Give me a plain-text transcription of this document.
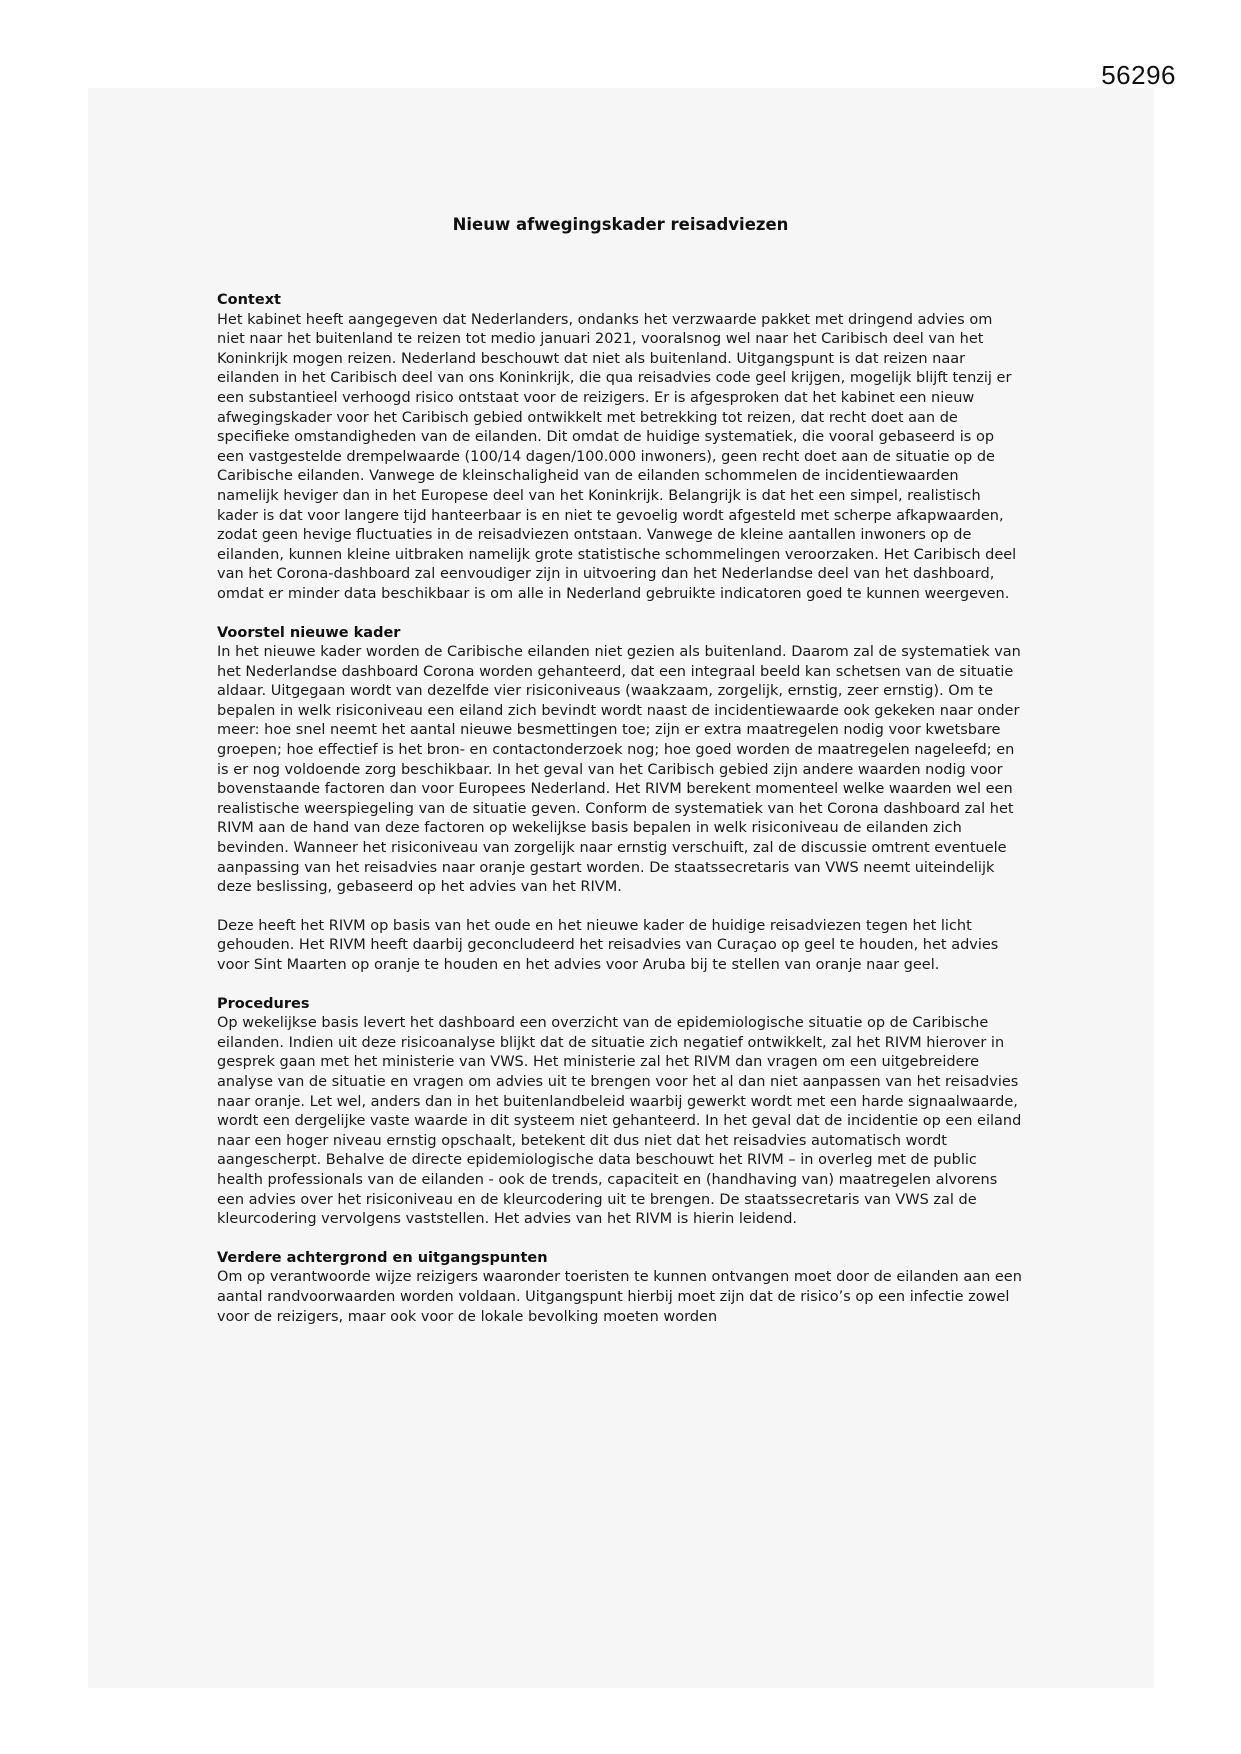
56296
Nieuw afwegingskader reisadviezen
Context

Het kabinet heeft aangegeven dat Nederlanders, ondanks het verzwaarde pakket met dringend advies om niet naar het buitenland te reizen tot medio januari 2021, vooralsnog wel naar het Caribisch deel van het Koninkrijk mogen reizen. Nederland beschouwt dat niet als buitenland. Uitgangspunt is dat reizen naar eilanden in het Caribisch deel van ons Koninkrijk, die qua reisadvies code geel krijgen, mogelijk blijft tenzij er een substantieel verhoogd risico ontstaat voor de reizigers. Er is afgesproken dat het kabinet een nieuw afwegingskader voor het Caribisch gebied ontwikkelt met betrekking tot reizen, dat recht doet aan de specifieke omstandigheden van de eilanden. Dit omdat de huidige systematiek, die vooral gebaseerd is op een vastgestelde drempelwaarde (100/14 dagen/100.000 inwoners), geen recht doet aan de situatie op de Caribische eilanden. Vanwege de kleinschaligheid van de eilanden schommelen de incidentiewaarden namelijk heviger dan in het Europese deel van het Koninkrijk. Belangrijk is dat het een simpel, realistisch kader is dat voor langere tijd hanteerbaar is en niet te gevoelig wordt afgesteld met scherpe afkapwaarden, zodat geen hevige fluctuaties in de reisadviezen ontstaan. Vanwege de kleine aantallen inwoners op de eilanden, kunnen kleine uitbraken namelijk grote statistische schommelingen veroorzaken. Het Caribisch deel van het Corona-dashboard zal eenvoudiger zijn in uitvoering dan het Nederlandse deel van het dashboard, omdat er minder data beschikbaar is om alle in Nederland gebruikte indicatoren goed te kunnen weergeven.

Voorstel nieuwe kader

In het nieuwe kader worden de Caribische eilanden niet gezien als buitenland. Daarom zal de systematiek van het Nederlandse dashboard Corona worden gehanteerd, dat een integraal beeld kan schetsen van de situatie aldaar. Uitgegaan wordt van dezelfde vier risiconiveaus (waakzaam, zorgelijk, ernstig, zeer ernstig). Om te bepalen in welk risiconiveau een eiland zich bevindt wordt naast de incidentiewaarde ook gekeken naar onder meer: hoe snel neemt het aantal nieuwe besmettingen toe; zijn er extra maatregelen nodig voor kwetsbare groepen; hoe effectief is het bron- en contactonderzoek nog; hoe goed worden de maatregelen nageleefd; en is er nog voldoende zorg beschikbaar. In het geval van het Caribisch gebied zijn andere waarden nodig voor bovenstaande factoren dan voor Europees Nederland. Het RIVM berekent momenteel welke waarden wel een realistische weerspiegeling van de situatie geven. Conform de systematiek van het Corona dashboard zal het RIVM aan de hand van deze factoren op wekelijkse basis bepalen in welk risiconiveau de eilanden zich bevinden. Wanneer het risiconiveau van zorgelijk naar ernstig verschuift, zal de discussie omtrent eventuele aanpassing van het reisadvies naar oranje gestart worden. De staatssecretaris van VWS neemt uiteindelijk deze beslissing, gebaseerd op het advies van het RIVM.

Deze heeft het RIVM op basis van het oude en het nieuwe kader de huidige reisadviezen tegen het licht gehouden. Het RIVM heeft daarbij geconcludeerd het reisadvies van Curaçao op geel te houden, het advies voor Sint Maarten op oranje te houden en het advies voor Aruba bij te stellen van oranje naar geel.

Procedures

Op wekelijkse basis levert het dashboard een overzicht van de epidemiologische situatie op de Caribische eilanden. Indien uit deze risicoanalyse blijkt dat de situatie zich negatief ontwikkelt, zal het RIVM hierover in gesprek gaan met het ministerie van VWS. Het ministerie zal het RIVM dan vragen om een uitgebreidere analyse van de situatie en vragen om advies uit te brengen voor het al dan niet aanpassen van het reisadvies naar oranje. Let wel, anders dan in het buitenlandbeleid waarbij gewerkt wordt met een harde signaalwaarde, wordt een dergelijke vaste waarde in dit systeem niet gehanteerd. In het geval dat de incidentie op een eiland naar een hoger niveau ernstig opschaalt, betekent dit dus niet dat het reisadvies automatisch wordt aangescherpt. Behalve de directe epidemiologische data beschouwt het RIVM – in overleg met de public health professionals van de eilanden - ook de trends, capaciteit en (handhaving van) maatregelen alvorens een advies over het risiconiveau en de kleurcodering uit te brengen. De staatssecretaris van VWS zal de kleurcodering vervolgens vaststellen. Het advies van het RIVM is hierin leidend.

Verdere achtergrond en uitgangspunten

Om op verantwoorde wijze reizigers waaronder toeristen te kunnen ontvangen moet door de eilanden aan een aantal randvoorwaarden worden voldaan. Uitgangspunt hierbij moet zijn dat de risico’s op een infectie zowel voor de reizigers, maar ook voor de lokale bevolking moeten worden
